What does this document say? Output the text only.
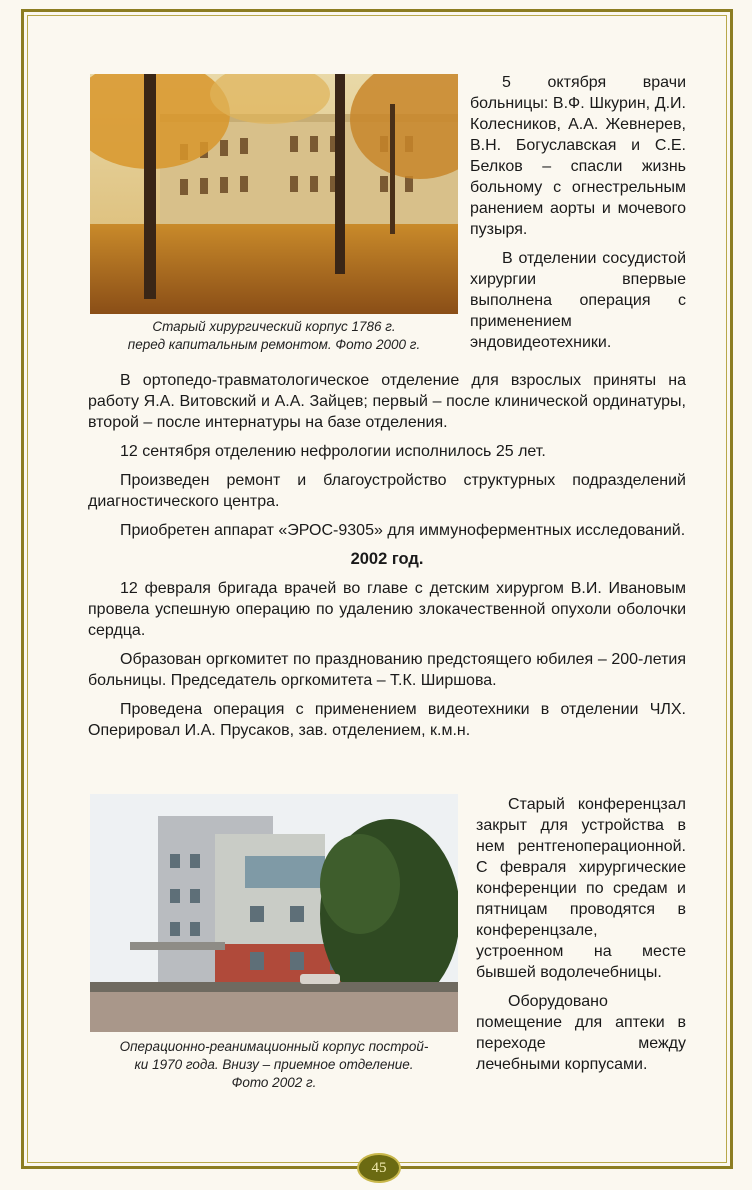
Старый хирургический корпус 1786 г.
перед капитальным ремонтом. Фото 2000 г.

5 октября врачи больницы: В.Ф. Шкурин, Д.И. Колесников, А.А. Жевнерев, В.Н. Богуславская и С.Е. Белков – спасли жизнь больному с огнестрельным ранением аорты и мочевого пузыря.

В отделении сосудистой хирургии впервые выполнена операция с применением эндовидеотехники.

В ортопедо-травматологическое отделение для взрослых приняты на работу Я.А. Витовский и А.А. Зайцев; первый – после клинической ординатуры, второй – после интернатуры на базе отделения.

12 сентября отделению нефрологии исполнилось 25 лет.

Произведен ремонт и благоустройство структурных подразделений диагностического центра.

Приобретен аппарат «ЭРОС-9305» для иммуноферментных исследований.

2002 год.

12 февраля бригада врачей во главе с детским хирургом В.И. Ивановым провела успешную операцию по удалению злокачественной опухоли оболочки сердца.

Образован оргкомитет по празднованию предстоящего юбилея – 200-летия больницы. Председатель оргкомитета – Т.К. Ширшова.

Проведена операция с применением видеотехники в отделении ЧЛХ. Оперировал И.А. Прусаков, зав. отделением, к.м.н.

Операционно-реанимационный корпус построй-
ки 1970 года. Внизу – приемное отделение.
Фото 2002 г.

Старый конференцзал закрыт для устройства в нем рентгеноперационной. С февраля хирургические конференции по средам и пятницам проводятся в конференцзале, устроенном на месте бывшей водолечебницы.

Оборудовано помещение для аптеки в переходе между лечебными корпусами.

45
